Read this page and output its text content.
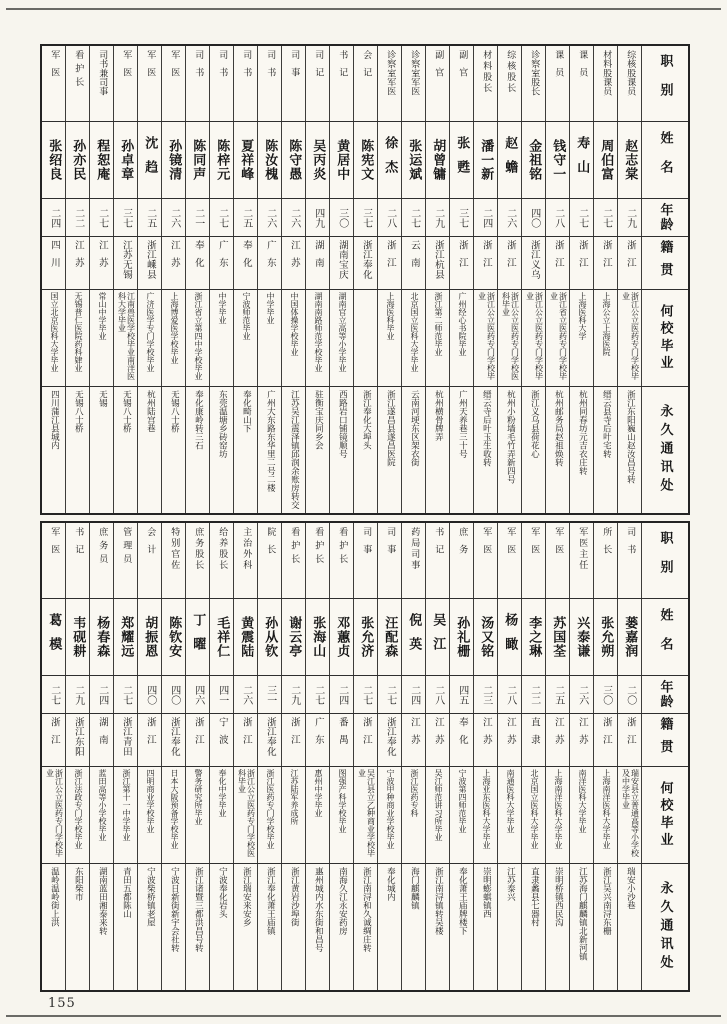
职别
综核股课员
材料股课员
课员
课员
诊察室股长
综核股长
材料股长
副官
副官
诊察室军医
诊察室军医
会记
书记
司记
司事
司书
司书
司书
司书
军医
军医
军医
司书兼司事
看护长
军医
姓名
赵志棠
周伯富
寿山
钱守一
金祖铭
赵蟾
潘一新
张甦
胡曾镛
张运斌
徐杰
陈宪文
黄居中
吴丙炎
陈守愚
陈汝槐
夏祥峰
陈梓元
陈同声
孙镜清
沈趋
孙卓章
程恕庵
孙亦民
张绍良
年龄
二九
二七
二七
二八
四〇
二六
二四
三七
二九
二七
二八
三七
三〇
四九
二六
二六
二五
二七
二一
二六
二五
三七
二七
二二
二四
籍贯
浙江
浙江
浙江
浙江
浙江义乌
浙江
浙江
浙江
浙江杭县
云南
浙江
浙江奉化
湖南宝庆
湖南
江苏
广东
奉化
广东
奉化
江苏
浙江嵊县
江苏无锡
江苏
江苏
四川
何校毕业
浙江公立医药专门学校毕业
上海公立上海医院
上海医科大学
浙江省立医药专门学校毕业
浙江公立医药专门学校毕业
浙江公立医药专门学校医科毕业
浙江公立医药专门学校毕业
广州经心书院毕业
浙江第二师范毕业
北京国立医科大学毕业
上海医科毕业
湖南官立高等小学毕业
湖南南路师范学校毕业
中国体操学校毕业
中学毕业
宁波师范毕业
中学毕业
浙江省立第四中学校毕业
上海博爱医学校毕业
广济医学专门学校毕业
江南兽医学校毕业南洋医科大学毕业
常山中学毕业
无锡普仁医院药科肄业
国立北京医科大学毕业
永久通讯处
浙江东阳巍山赵汝昌号转
缙云县寺后叶宅转
杭州同春坊元吉衣庄转
杭州邮务局赵祖焕转
浙江义乌县荷花心
杭州小粉墙毛竹弄新四号
缙云寺后叶玉生收转
广州天养巷三十号
杭州横骨牌弄
云南河埂东区架衣街
浙江遂昌县遂昌医院
浙江奉化大埠头
西路岩口铺镜顺号
驻衡宝庆同乡会
江苏吴江震泽镇邱润余账房转交
广州大东路东华里二号二楼
奉化畸山下
东莞温塘乡砖窑坊
奉化康岭转三石
无锡八士桥
杭州陆宫巷
无锡八士桥
无锡
无锡八士桥
四川蒲江县城内
职别
司书
所长
军医主任
军医
军医
军医
军医
庶务
书记
药局司事
司事
司事
看护长
看护长
看护长
院长
主治外科
给养股长
庶务股长
特别官佐
会计
管理员
庶务员
书记
军医
姓名
蒌嘉润
张允朔
兴泰谦
苏国荃
李之琳
杨瞰
汤又铭
孙礼栅
吴江
倪英
汪配森
张允济
邓蕙贞
张海山
谢云亭
孙从钦
黄震陆
毛祥仁
丁曜
陈钦安
胡振恩
郑耀远
杨春森
韦砚耕
葛模
年龄
二〇
三〇
二六
二五
二二
二八
二三
四五
二八
二四
二七
二七
二四
二七
二九
三一
二六
四一
四六
四〇
四〇
二七
二四
二九
二七
籍贯
浙江
浙江
江苏
江苏
直隶
江苏
江苏
奉化
江苏
江苏
浙江奉化
浙江
番禺
广东
浙江
浙江奉化
浙江
宁波
浙江
浙江奉化
浙江
浙江青田
湖南
浙江东阳
浙江
何校毕业
瑞安县立普通高等小学校及中学毕业
上海南洋医科大学毕业
南洋医科大学毕业
上海南洋医科大学毕业
北京国立医科大学毕业
南通医科大学毕业
上海亚东医科大学毕业
宁波第四师范毕业
吴江师范讲习所毕业
浙江医药专科
宁波甲种商业学校毕业
吴江县立乙种商业学校毕业
图强产科学校毕业
惠州中学毕业
江苏陆军养成所
浙江医药专门学校毕业
浙江公立医药专门学校医科毕业
奉化中学毕业
警务研究所毕业
日本大阪预备学校毕业
四明商业学校毕业
浙江第十一中学毕业
蓝田高等小学校毕业
浙江法政专门学校毕业
浙江公立医药专门学校毕业
永久通讯处
瑞安小沙巷
浙江吴兴南浔东栅
江苏海门麒麟镇北新河镇
崇明桥镇西民沟
直隶蠡县七器村
江苏泰兴
崇明蟛蜞镇西
奉化萧王庙牌楼下
浙江南浔镇转吴楼
海门麒麟镇
奉化城内
浙江南浔和久诚绸庄转
南海久江永安药房
惠州城内水东街和昌号
浙江黄岩沙埠街
浙江奉化萧王庙镇
浙江瑞安来安乡
宁波奉化岩头
浙江诸暨三都洪昌号转
宁波日新街新宇会社转
宁波柴桥镇老屋
青田五都陈山
湖南蓝田湘泰来转
东阳柴市
温岭温岭街上洪
155
